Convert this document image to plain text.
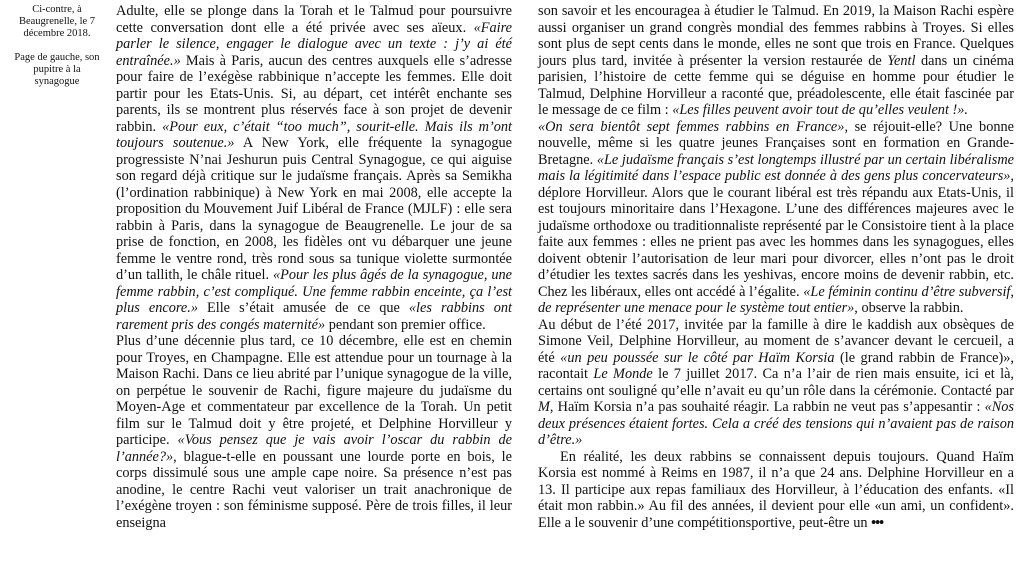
Ci-contre, à Beaugrenelle, le 7 décembre 2018.

Page de gauche, son pupitre à la synagogue

Adulte, elle se plonge dans la Torah et le Talmud pour poursuivre cette conversation dont elle a été privée avec ses aïeux. «Faire parler le silence, engager le dialogue avec un texte : j’y ai été entraînée.» Mais à Paris, aucun des centres auxquels elle s’adresse pour faire de l’exégèse rabbinique n’accepte les femmes. Elle doit partir pour les Etats-Unis. Si, au départ, cet intérêt enchante ses parents, ils se montrent plus réservés face à son projet de devenir rabbin. «Pour eux, c’était “too much”, sourit-elle. Mais ils m’ont toujours soutenue.» A New York, elle fréquente la synagogue progressiste N’nai Jeshurun puis Central Synagogue, ce qui aiguise son regard déjà critique sur le judaïsme français. Après sa Semikha (l’ordination rabbinique) à New York en mai 2008, elle accepte la proposition du Mouvement Juif Libéral de France (MJLF) : elle sera rabbin à Paris, dans la synagogue de Beaugrenelle. Le jour de sa prise de fonction, en 2008, les fidèles ont vu débarquer une jeune femme le ventre rond, très rond sous sa tunique violette surmontée d’un tallith, le châle rituel. «Pour les plus âgés de la synagogue, une femme rabbin, c’est compliqué. Une femme rabbin enceinte, ça l’est plus encore.» Elle s’était amusée de ce que «les rabbins ont rarement pris des congés maternité» pendant son premier office.

Plus d’une décennie plus tard, ce 10 décembre, elle est en chemin pour Troyes, en Champagne. Elle est attendue pour un tournage à la Maison Rachi. Dans ce lieu abrité par l’unique synagogue de la ville, on perpétue le souvenir de Rachi, figure majeure du judaïsme du Moyen-Age et commentateur par excellence de la Torah. Un petit film sur le Talmud doit y être projeté, et Delphine Horvilleur y participe. «Vous pensez que je vais avoir l’oscar du rabbin de l’année?», blague-t-elle en poussant une lourde porte en bois, le corps dissimulé sous une ample cape noire. Sa présence n’est pas anodine, le centre Rachi veut valoriser un trait anachronique de l’exégène troyen : son féminisme supposé. Père de trois filles, il leur enseigna

son savoir et les encourageа à étudier le Talmud. En 2019, la Maison Rachi espère aussi organiser un grand congrès mondial des femmes rabbins à Troyes. Si elles sont plus de sept cents dans le monde, elles ne sont que trois en France. Quelques jours plus tard, invitée à présenter la version restaurée de Yentl dans un cinéma parisien, l’histoire de cette femme qui se déguise en homme pour étudier le Talmud, Delphine Horvilleur a raconté que, préadolescente, elle était fascinée par le message de ce film : «Les filles peuvent avoir tout de qu’elles veulent !».

«On sera bientôt sept femmes rabbins en France», se réjouit-elle? Une bonne nouvelle, même si les quatre jeunes Françaises sont en formation en Grande-Bretagne. «Le judaïsme français s’est longtemps illustré par un certain libéralisme mais la légitimité dans l’espace public est donnée à des gens plus concervateurs», déplore Horvilleur. Alors que le courant libéral est très répandu aux Etats-Unis, il est toujours minoritaire dans l’Hexagone. L’une des différences majeures avec le judaïsme orthodoxe ou traditionnaliste représenté par le Consistoire tient à la place faite aux femmes : elles ne prient pas avec les hommes dans les synagogues, elles doivent obtenir l’autorisation de leur mari pour divorcer, elles n’ont pas le droit d’étudier les textes sacrés dans les yeshivas, encore moins de devenir rabbin, etc. Chez les libéraux, elles ont accédé à l’égalite. «Le féminin continu d’être subversif, de représenter une menace pour le système tout entier», observe la rabbin.

Au début de l’été 2017, invitée par la famille à dire le kaddish aux obsèques de Simone Veil, Delphine Horvilleur, au moment de s’avancer devant le cercueil, a été «un peu poussée sur le côté par Haïm Korsia (le grand rabbin de France)», racontait Le Monde le 7 juillet 2017. Ca n’a l’air de rien mais ensuite, ici et là, certains ont souligné qu’elle n’avait eu qu’un rôle dans la cérémonie. Contacté par M, Haïm Korsia n’a pas souhaité réagir. La rabbin ne veut pas s’appesantir : «Nos deux présences étaient fortes. Cela a créé des tensions qui n’avaient pas de raison d’être.»

En réalité, les deux rabbins se connaissent depuis toujours. Quand Haïm Korsia est nommé à Reims en 1987, il n’a que 24 ans. Delphine Horvilleur en a 13. Il participe aux repas familiaux des Horvilleur, à l’éducation des enfants. «Il était mon rabbin.» Au fil des années, il devient pour elle «un ami, un confident». Elle a le souvenir d’une compétitionsportive, peut-être un •••
